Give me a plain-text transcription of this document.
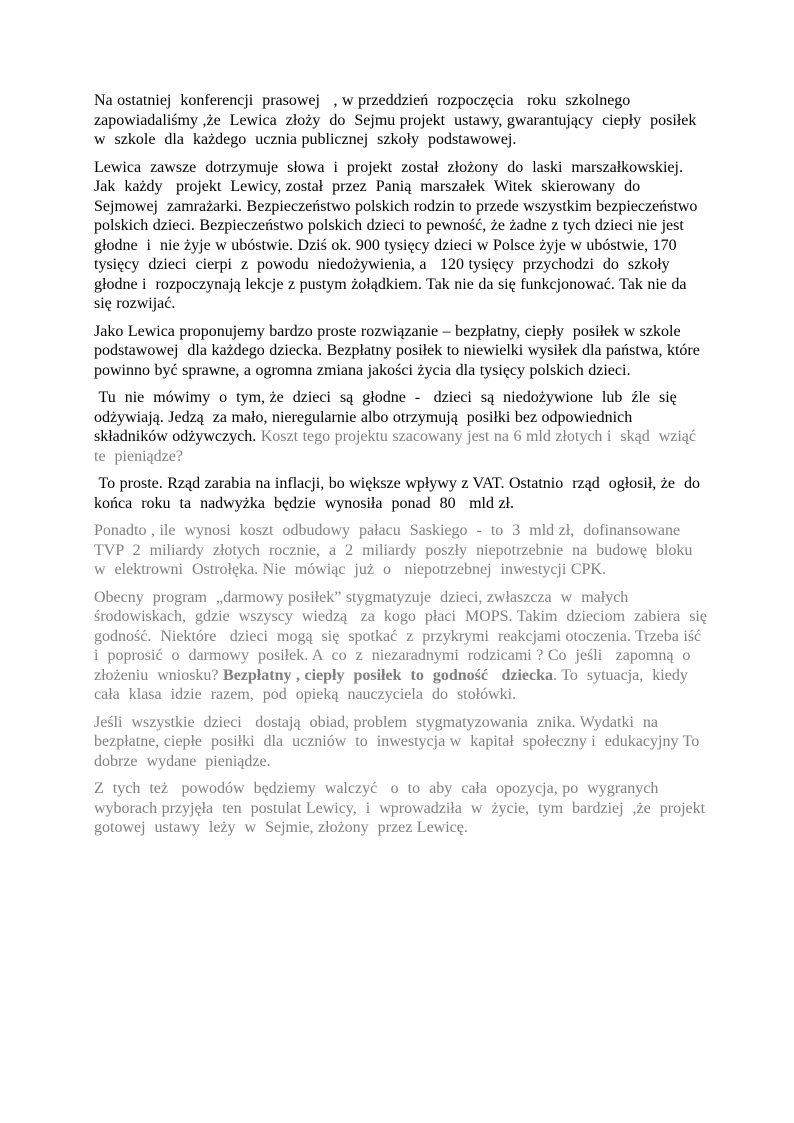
Na ostatniej  konferencji  prasowej   , w przeddzień  rozpoczęcia   roku  szkolnego zapowiadaliśmy ,że  Lewica  złoży  do  Sejmu projekt  ustawy, gwarantujący  ciepły  posiłek w  szkole  dla  każdego  ucznia publicznej  szkoły  podstawowej.

Lewica  zawsze  dotrzymuje  słowa  i  projekt  został  złożony  do  laski  marszałkowskiej. Jak  każdy   projekt  Lewicy, został  przez  Panią  marszałek  Witek  skierowany  do Sejmowej  zamrażarki. Bezpieczeństwo polskich rodzin to przede wszystkim bezpieczeństwo polskich dzieci. Bezpieczeństwo polskich dzieci to pewność, że żadne z tych dzieci nie jest głodne  i  nie żyje w ubóstwie. Dziś ok. 900 tysięcy dzieci w Polsce żyje w ubóstwie, 170 tysięcy  dzieci  cierpi  z  powodu  niedożywienia, a   120 tysięcy  przychodzi  do  szkoły głodne i  rozpoczynają lekcje z pustym żołądkiem. Tak nie da się funkcjonować. Tak nie da się rozwijać.

Jako Lewica proponujemy bardzo proste rozwiązanie – bezpłatny, ciepły  posiłek w szkole podstawowej  dla każdego dziecka. Bezpłatny posiłek to niewielki wysiłek dla państwa, które powinno być sprawne, a ogromna zmiana jakości życia dla tysięcy polskich dzieci.

Tu  nie  mówimy  o  tym, że  dzieci  są  głodne  -   dzieci  są  niedożywione  lub  źle  się odżywiają. Jedzą  za mało, nieregularnie albo otrzymują  posiłki bez odpowiednich składników odżywczych. Koszt tego projektu szacowany jest na 6 mld złotych i  skąd  wziąć te  pieniądze?

To proste. Rząd zarabia na inflacji, bo większe wpływy z VAT. Ostatnio  rząd  ogłosił, że  do końca  roku  ta  nadwyżka  będzie  wynosiła  ponad  80   mld zł.

Ponadto , ile  wynosi  koszt  odbudowy  pałacu  Saskiego  -  to  3  mld zł,  dofinansowane TVP  2  miliardy  złotych  rocznie,  a  2  miliardy  poszły  niepotrzebnie  na  budowę  bloku w  elektrowni  Ostrołęka. Nie  mówiąc  już  o   niepotrzebnej  inwestycji CPK.

Obecny  program  „darmowy posiłek” stygmatyzuje  dzieci, zwłaszcza  w  małych środowiskach,  gdzie  wszyscy  wiedzą   za  kogo  płaci  MOPS. Takim  dzieciom  zabiera  się godność.  Niektóre   dzieci  mogą  się  spotkać  z  przykrymi  reakcjami otoczenia. Trzeba iść i  poprosić  o  darmowy  posiłek. A  co  z  niezaradnymi  rodzicami ? Co  jeśli   zapomną  o złożeniu  wniosku? Bezpłatny , ciepły  posiłek  to  godność   dziecka. To  sytuacja,  kiedy cała  klasa  idzie  razem,  pod  opieką  nauczyciela  do  stołówki.

Jeśli  wszystkie  dzieci   dostają  obiad, problem  stygmatyzowania  znika. Wydatki  na bezpłatne, ciepłe  posiłki  dla  uczniów  to  inwestycja w  kapitał  społeczny i  edukacyjny To dobrze  wydane  pieniądze.

Z  tych  też   powodów  będziemy  walczyć   o  to  aby  cała  opozycja, po  wygranych wyborach przyjęła  ten  postulat Lewicy,  i  wprowadziła  w  życie,  tym  bardziej  ,że  projekt gotowej  ustawy  leży  w  Sejmie, złożony  przez Lewicę.
